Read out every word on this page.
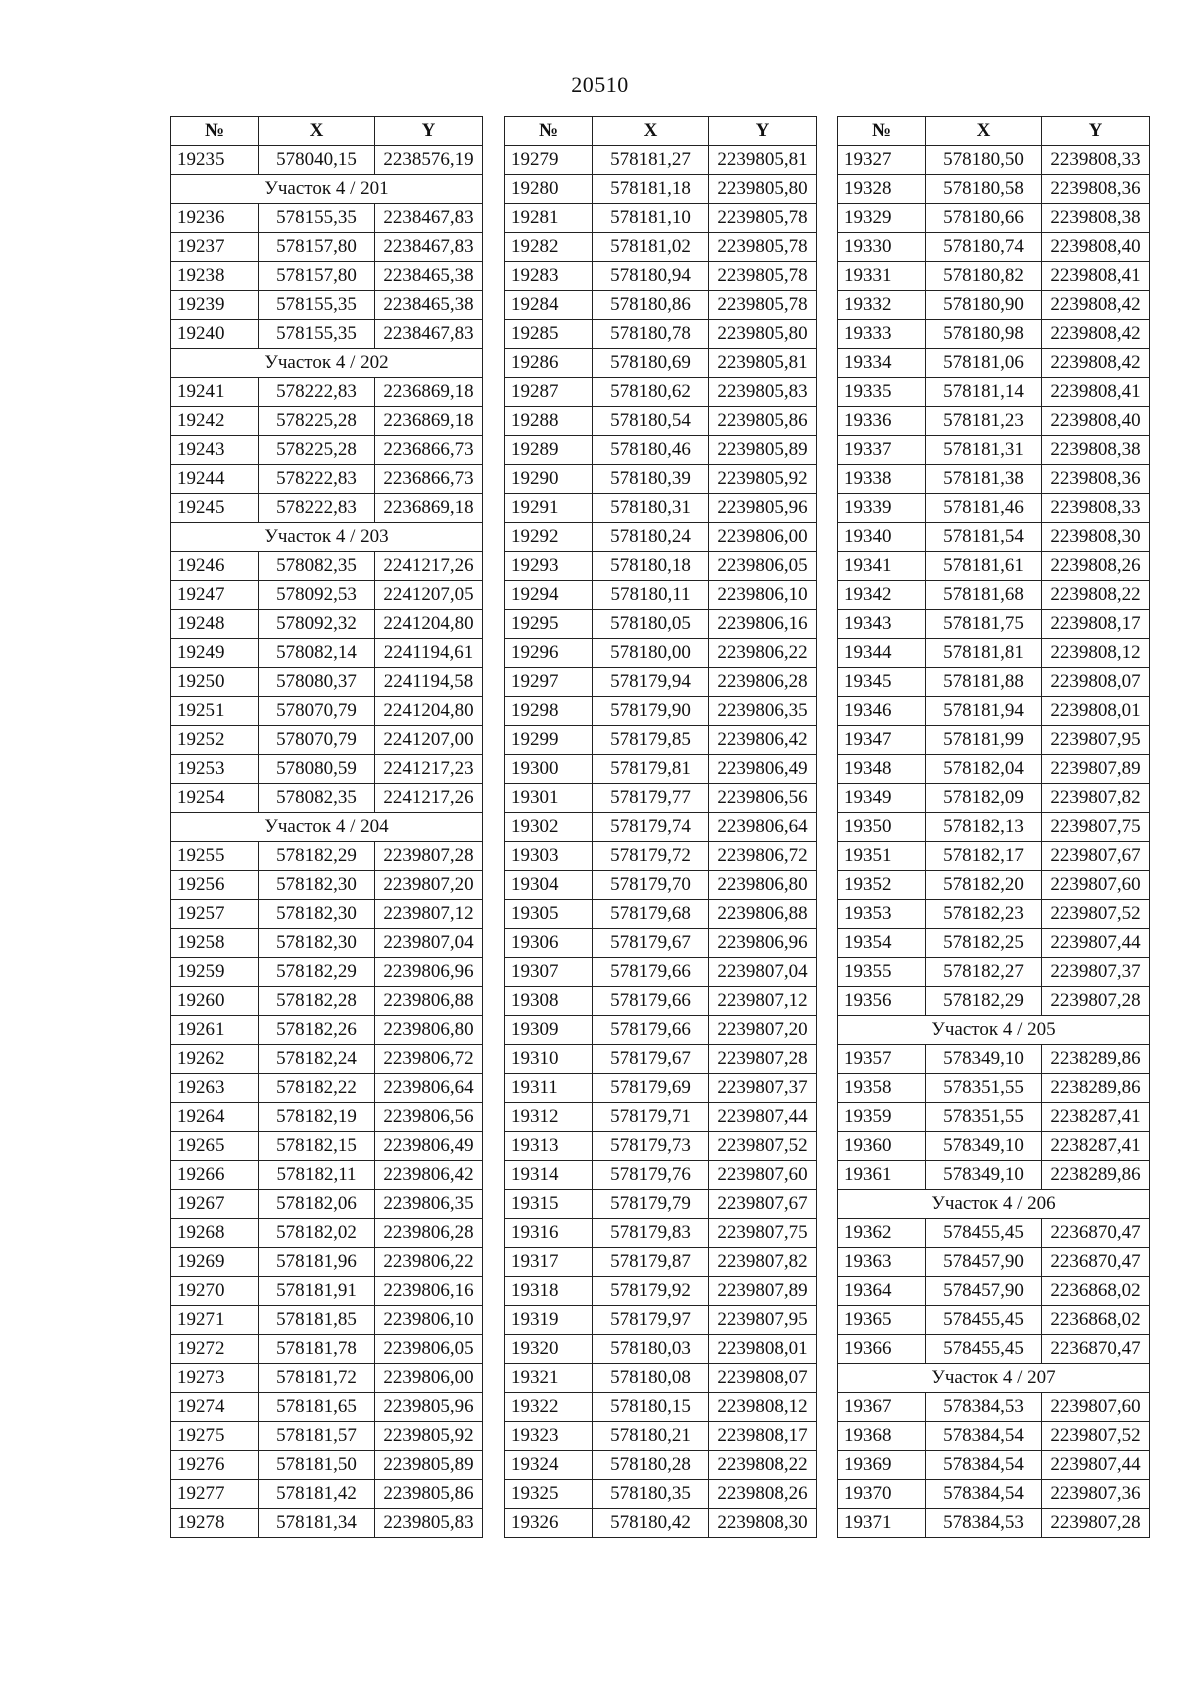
20510
№	X	Y
19235	578040,15	2238576,19
Участок 4 / 201		
19236	578155,35	2238467,83
19237	578157,80	2238467,83
19238	578157,80	2238465,38
19239	578155,35	2238465,38
19240	578155,35	2238467,83
Участок 4 / 202		
19241	578222,83	2236869,18
19242	578225,28	2236869,18
19243	578225,28	2236866,73
19244	578222,83	2236866,73
19245	578222,83	2236869,18
Участок 4 / 203		
19246	578082,35	2241217,26
19247	578092,53	2241207,05
19248	578092,32	2241204,80
19249	578082,14	2241194,61
19250	578080,37	2241194,58
19251	578070,79	2241204,80
19252	578070,79	2241207,00
19253	578080,59	2241217,23
19254	578082,35	2241217,26
Участок 4 / 204		
19255	578182,29	2239807,28
19256	578182,30	2239807,20
19257	578182,30	2239807,12
19258	578182,30	2239807,04
19259	578182,29	2239806,96
19260	578182,28	2239806,88
19261	578182,26	2239806,80
19262	578182,24	2239806,72
19263	578182,22	2239806,64
19264	578182,19	2239806,56
19265	578182,15	2239806,49
19266	578182,11	2239806,42
19267	578182,06	2239806,35
19268	578182,02	2239806,28
19269	578181,96	2239806,22
19270	578181,91	2239806,16
19271	578181,85	2239806,10
19272	578181,78	2239806,05
19273	578181,72	2239806,00
19274	578181,65	2239805,96
19275	578181,57	2239805,92
19276	578181,50	2239805,89
19277	578181,42	2239805,86
19278	578181,34	2239805,83
№	X	Y
19279	578181,27	2239805,81
19280	578181,18	2239805,80
19281	578181,10	2239805,78
19282	578181,02	2239805,78
19283	578180,94	2239805,78
19284	578180,86	2239805,78
19285	578180,78	2239805,80
19286	578180,69	2239805,81
19287	578180,62	2239805,83
19288	578180,54	2239805,86
19289	578180,46	2239805,89
19290	578180,39	2239805,92
19291	578180,31	2239805,96
19292	578180,24	2239806,00
19293	578180,18	2239806,05
19294	578180,11	2239806,10
19295	578180,05	2239806,16
19296	578180,00	2239806,22
19297	578179,94	2239806,28
19298	578179,90	2239806,35
19299	578179,85	2239806,42
19300	578179,81	2239806,49
19301	578179,77	2239806,56
19302	578179,74	2239806,64
19303	578179,72	2239806,72
19304	578179,70	2239806,80
19305	578179,68	2239806,88
19306	578179,67	2239806,96
19307	578179,66	2239807,04
19308	578179,66	2239807,12
19309	578179,66	2239807,20
19310	578179,67	2239807,28
19311	578179,69	2239807,37
19312	578179,71	2239807,44
19313	578179,73	2239807,52
19314	578179,76	2239807,60
19315	578179,79	2239807,67
19316	578179,83	2239807,75
19317	578179,87	2239807,82
19318	578179,92	2239807,89
19319	578179,97	2239807,95
19320	578180,03	2239808,01
19321	578180,08	2239808,07
19322	578180,15	2239808,12
19323	578180,21	2239808,17
19324	578180,28	2239808,22
19325	578180,35	2239808,26
19326	578180,42	2239808,30
№	X	Y
19327	578180,50	2239808,33
19328	578180,58	2239808,36
19329	578180,66	2239808,38
19330	578180,74	2239808,40
19331	578180,82	2239808,41
19332	578180,90	2239808,42
19333	578180,98	2239808,42
19334	578181,06	2239808,42
19335	578181,14	2239808,41
19336	578181,23	2239808,40
19337	578181,31	2239808,38
19338	578181,38	2239808,36
19339	578181,46	2239808,33
19340	578181,54	2239808,30
19341	578181,61	2239808,26
19342	578181,68	2239808,22
19343	578181,75	2239808,17
19344	578181,81	2239808,12
19345	578181,88	2239808,07
19346	578181,94	2239808,01
19347	578181,99	2239807,95
19348	578182,04	2239807,89
19349	578182,09	2239807,82
19350	578182,13	2239807,75
19351	578182,17	2239807,67
19352	578182,20	2239807,60
19353	578182,23	2239807,52
19354	578182,25	2239807,44
19355	578182,27	2239807,37
19356	578182,29	2239807,28
Участок 4 / 205		
19357	578349,10	2238289,86
19358	578351,55	2238289,86
19359	578351,55	2238287,41
19360	578349,10	2238287,41
19361	578349,10	2238289,86
Участок 4 / 206		
19362	578455,45	2236870,47
19363	578457,90	2236870,47
19364	578457,90	2236868,02
19365	578455,45	2236868,02
19366	578455,45	2236870,47
Участок 4 / 207		
19367	578384,53	2239807,60
19368	578384,54	2239807,52
19369	578384,54	2239807,44
19370	578384,54	2239807,36
19371	578384,53	2239807,28
